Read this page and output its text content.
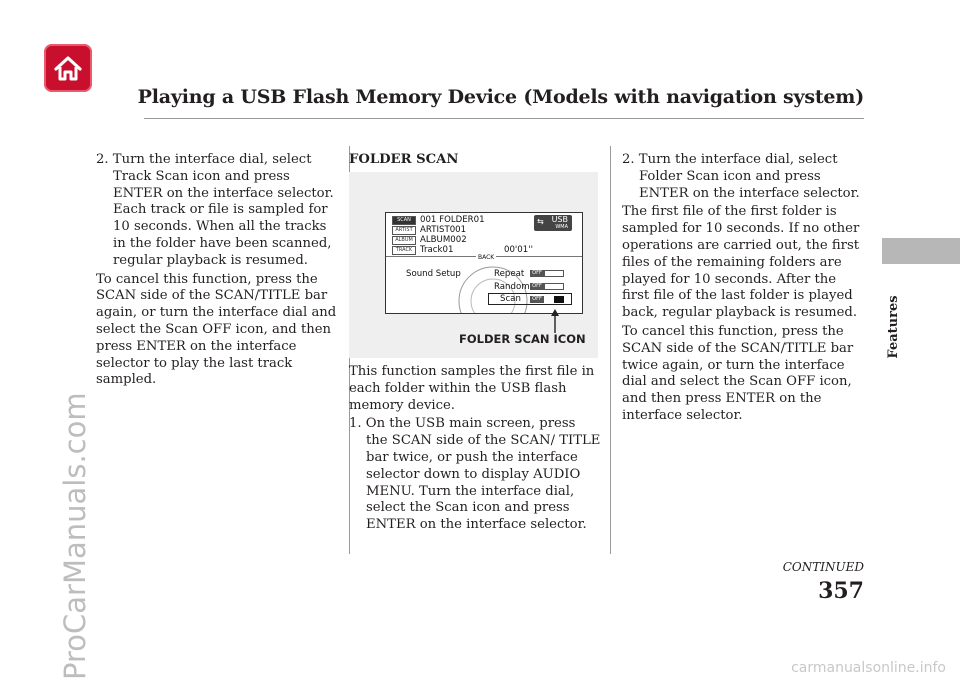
Playing a USB Flash Memory Device (Models with navigation system)
Features

2. Turn the interface dial, select Track Scan icon and press ENTER on the interface selector. Each track or file is sampled for 10 seconds. When all the tracks in the folder have been scanned, regular playback is resumed.

To cancel this function, press the SCAN side of the SCAN/TITLE bar again, or turn the interface dial and select the Scan OFF icon, and then press ENTER on the interface selector to play the last track sampled.

FOLDER SCAN
SCAN
ARTIST
ALBUM
TRACK
001 FOLDER01
ARTIST001
ALBUM002
Track01	00'01''
USB
WMA
⇆
BACK
Sound Setup	Repeat	OFF
Random OFF
Scan	OFF
FOLDER SCAN ICON

This function samples the first file in each folder within the USB flash memory device.

1. On the USB main screen, press the SCAN side of the SCAN/ TITLE bar twice, or push the interface selector down to display AUDIO MENU. Turn the interface dial, select the Scan icon and press ENTER on the interface selector.

2. Turn the interface dial, select Folder Scan icon and press ENTER on the interface selector.

The first file of the first folder is sampled for 10 seconds. If no other operations are carried out, the first files of the remaining folders are played for 10 seconds. After the first file of the last folder is played back, regular playback is resumed.

To cancel this function, press the SCAN side of the SCAN/TITLE bar twice again, or turn the interface dial and select the Scan OFF icon, and then press ENTER on the interface selector.

CONTINUED
357
ProCarManuals.com	carmanualsonline.info
